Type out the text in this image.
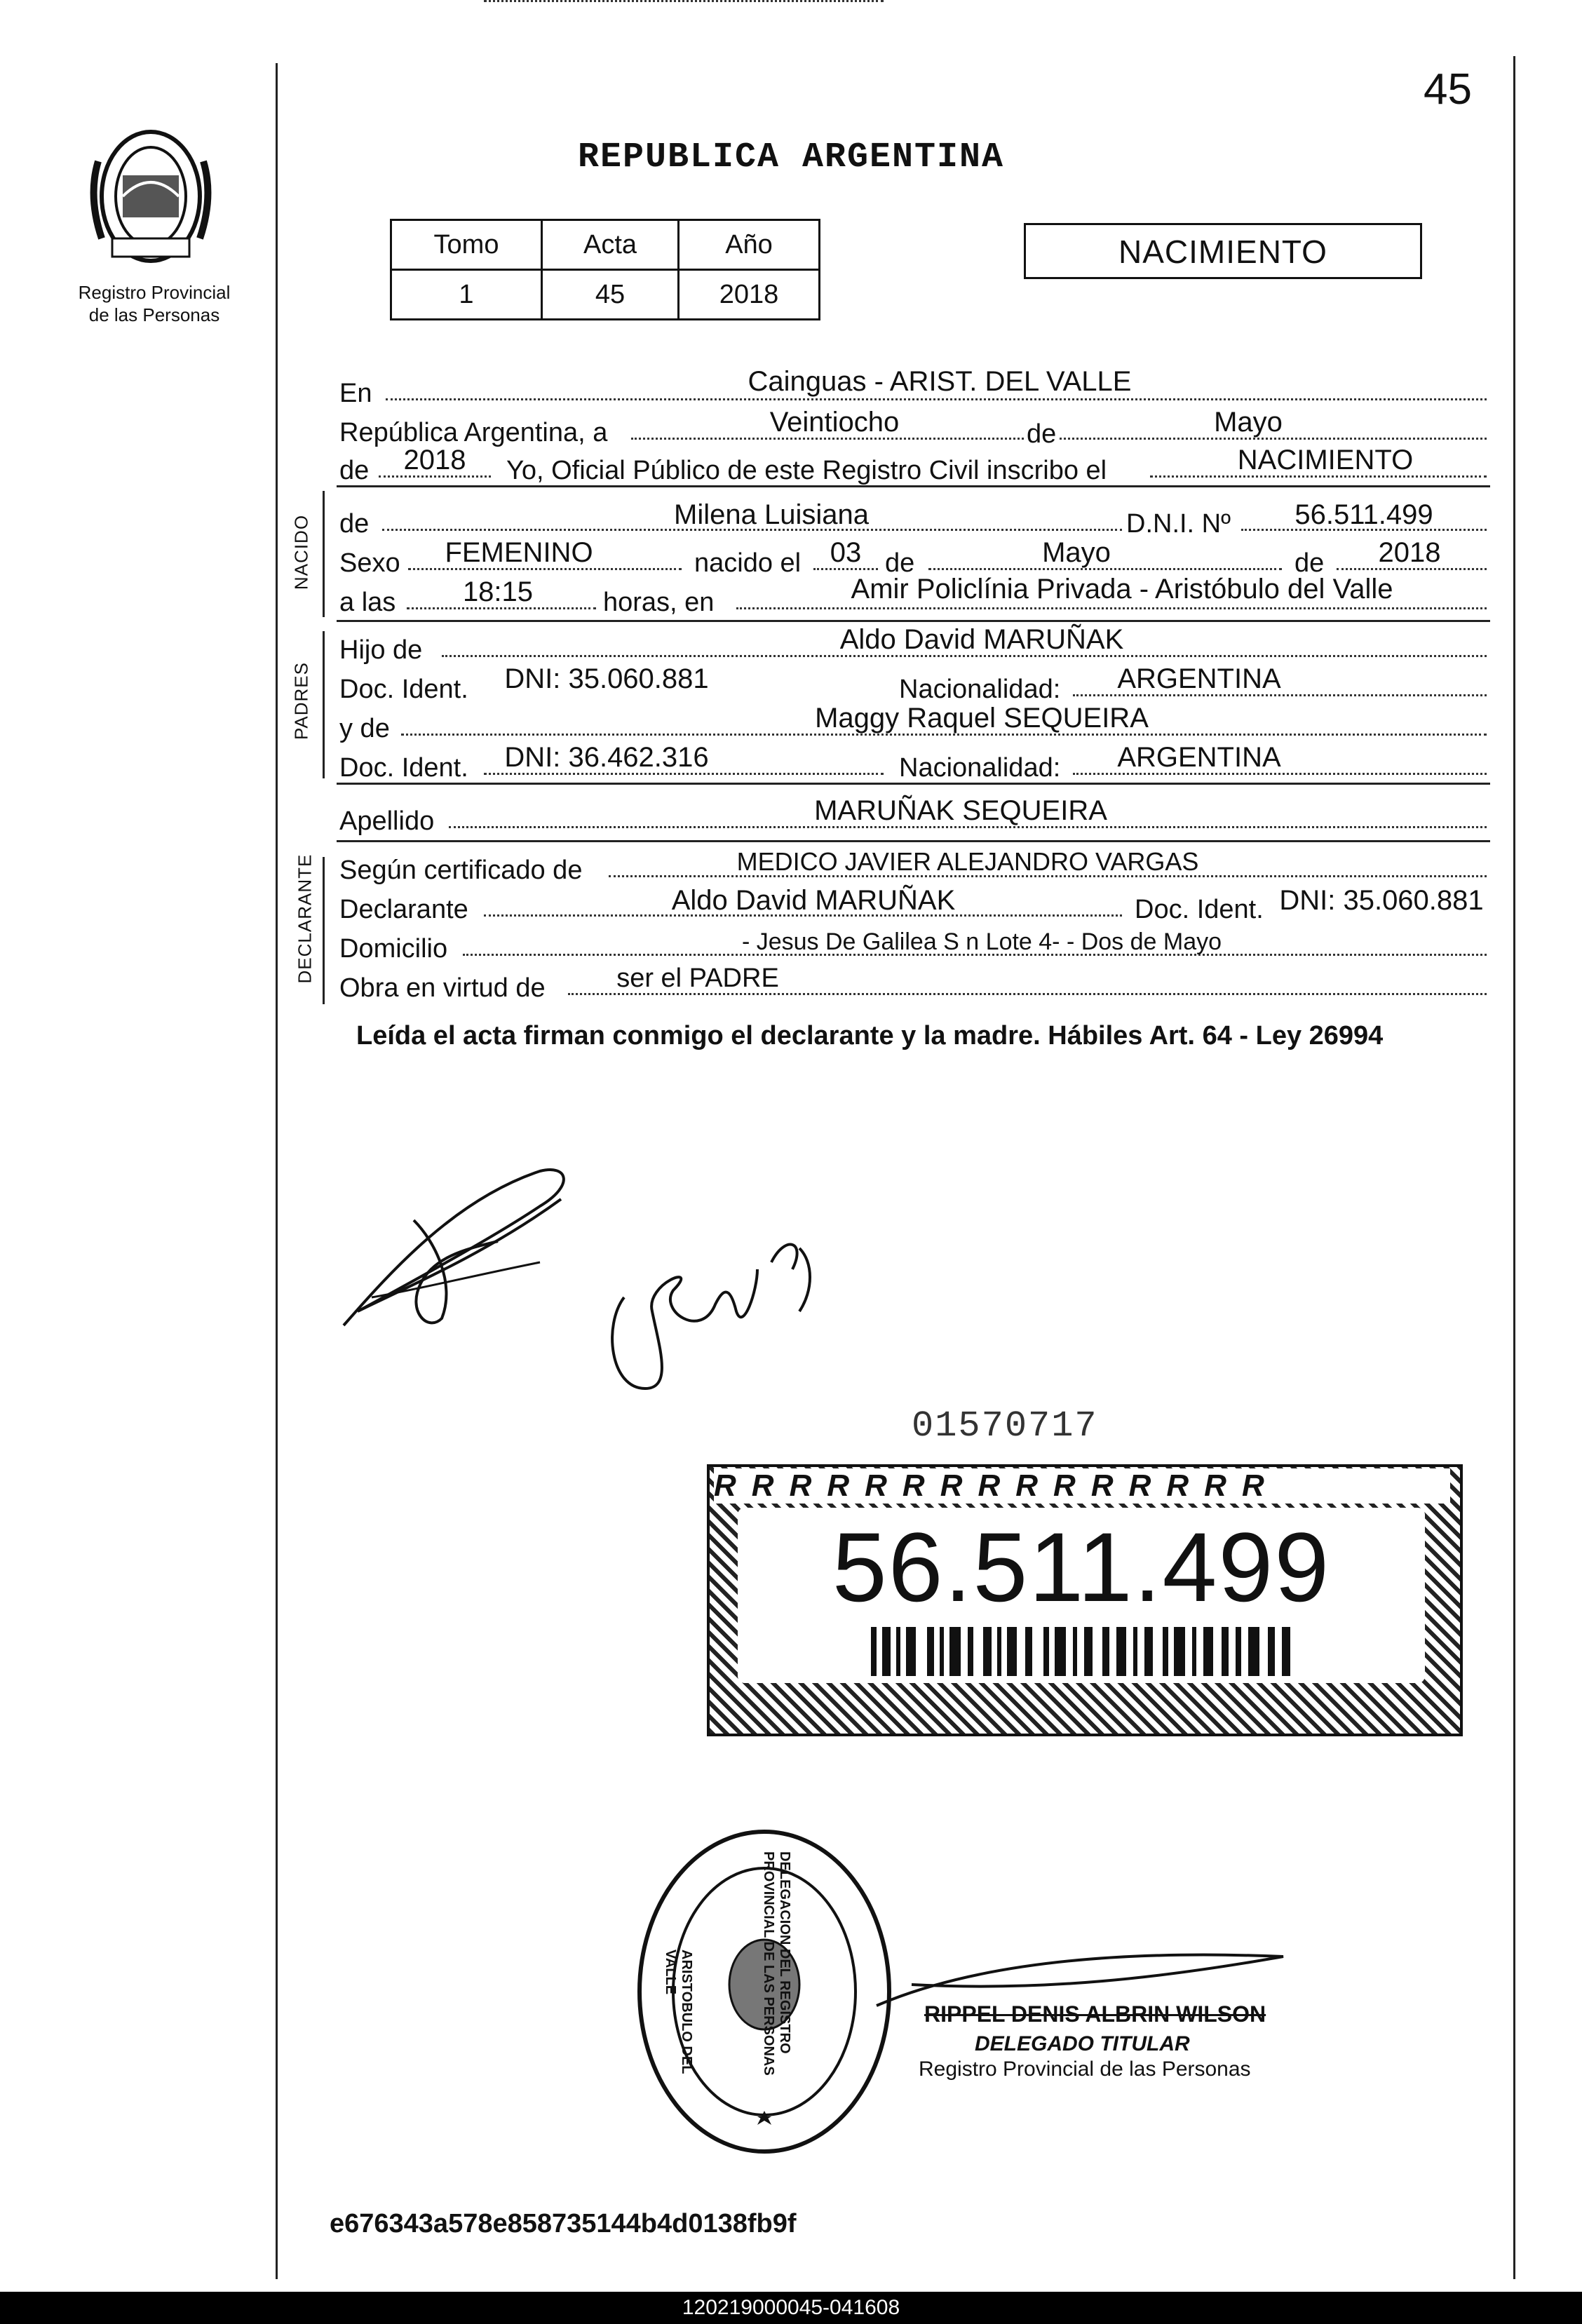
Registro Provincial
de las Personas
45
REPUBLICA ARGENTINA
Tomo	Acta	Año
1	45	2018
NACIMIENTO
En	Cainguas - ARIST. DEL VALLE
República Argentina, a	Veintiocho	de	Mayo
de	2018	Yo, Oficial Público de este Registro Civil inscribo el	NACIMIENTO
NACIDO de	Milena Luisiana	D.N.I. Nº	56.511.499
Sexo	FEMENINO	nacido el	03 de	Mayo	de	2018
a las	18:15	horas, en	Amir Policlínia Privada - Aristóbulo del Valle
PADRES
Hijo de	Aldo David MARUÑAK
Doc. Ident.	DNI: 35.060.881	Nacionalidad:	ARGENTINA
y de	Maggy Raquel SEQUEIRA
Doc. Ident.	DNI: 36.462.316	Nacionalidad:	ARGENTINA
Apellido	MARUÑAK SEQUEIRA
DECLARANTE Según certificado de	MEDICO JAVIER ALEJANDRO VARGAS
Declarante	Aldo David MARUÑAK	Doc. Ident. DNI: 35.060.881
Domicilio	- Jesus De Galilea S n Lote 4- - Dos de Mayo
Obra en virtud de	ser el PADRE
Leída el acta firman conmigo el declarante y la madre. Hábiles Art. 64 - Ley 26994
01570717
RRRRRRRRRRRRRRR
56.511.499
DELEGACION DEL REGISTRO PROVINCIAL DE LAS PERSONAS
ARISTOBULO DEL VALLE
RIPPEL DENIS ALBRIN WILSON
DELEGADO TITULAR
Registro Provincial de las Personas
e676343a578e858735144b4d0138fb9f
120219000045-041608
